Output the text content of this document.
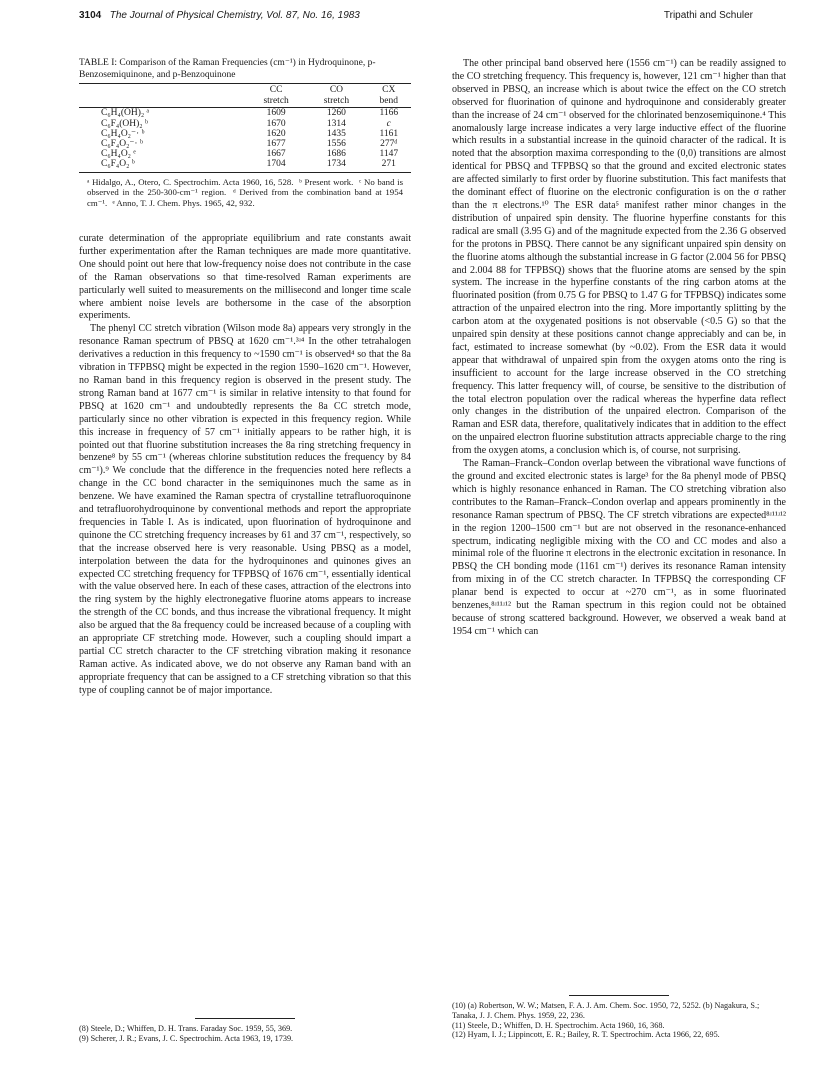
3104 The Journal of Physical Chemistry, Vol. 87, No. 16, 1983	Tripathi and Schuler

TABLE I: Comparison of the Raman Frequencies (cm⁻¹) in Hydroquinone, p-Benzosemiquinone, and p-Benzoquinone

	CC	CO	CX
	stretch	stretch	bend
C₆H₄(OH)₂ ᵃ	1609	1260	1166
C₆F₄(OH)₂ ᵇ	1670	1314	c
C₆H₄O₂⁻· ᵇ	1620	1435	1161
C₆F₄O₂⁻· ᵇ	1677	1556	277ᵈ
C₆H₄O₂ ᵉ	1667	1686	1147
C₆F₄O₂ ᵇ	1704	1734	271

ᵃ Hidalgo, A., Otero, C. Spectrochim. Acta 1960, 16, 528. ᵇ Present work. ᶜ No band is observed in the 250-300-cm⁻¹ region. ᵈ Derived from the combination band at 1954 cm⁻¹. ᵉ Anno, T. J. Chem. Phys. 1965, 42, 932.

curate determination of the appropriate equilibrium and rate constants await further experimentation after the Raman techniques are made more quantitative. One should point out here that low-frequency noise does not contribute in the case of the Raman observations so that time-resolved Raman experiments are particularly well suited to measurements on the millisecond and longer time scale where ambient noise levels are bothersome in the case of the absorption experiments.

The phenyl CC stretch vibration (Wilson mode 8a) appears very strongly in the resonance Raman spectrum of PBSQ at 1620 cm⁻¹.³ʴ⁴ In the other tetrahalogen derivatives a reduction in this frequency to ~1590 cm⁻¹ is observed⁴ so that the 8a vibration in TFPBSQ might be expected in the region 1590–1620 cm⁻¹. However, no Raman band in this frequency region is observed in the present study. The strong Raman band at 1677 cm⁻¹ is similar in relative intensity to that found for PBSQ at 1620 cm⁻¹ and undoubtedly represents the 8a CC stretch mode, particularly since no other vibration is expected in this frequency region. While this increase in frequency of 57 cm⁻¹ initially appears to be rather high, it is pointed out that fluorine substitution increases the 8a ring stretching frequency in benzene⁸ by 55 cm⁻¹ (whereas chlorine substitution reduces the frequency by 84 cm⁻¹).⁹ We conclude that the difference in the frequencies noted here reflects a change in the CC bond character in the semiquinones much the same as in benzene. We have examined the Raman spectra of crystalline tetrafluoroquinone and tetrafluorohydroquinone by conventional methods and report the appropriate frequencies in Table I. As is indicated, upon fluorination of hydroquinone and quinone the CC stretching frequency increases by 61 and 37 cm⁻¹, respectively, so that the increase observed here is very reasonable. Using PBSQ as a model, interpolation between the data for the hydroquinones and quinones gives an expected CC stretching frequency for TFPBSQ of 1676 cm⁻¹, essentially identical with the value observed here. In each of these cases, attraction of the electrons into the ring system by the highly electronegative fluorine atoms appears to increase the strength of the CC bonds, and thus increase the vibrational frequency. It might also be argued that the 8a frequency could be increased because of a coupling with an appropriate CF stretching mode. However, such a coupling should impart a partial CC stretch character to the CF stretching vibration making it resonance Raman active. As indicated above, we do not observe any Raman band with an appropriate frequency that can be assigned to a CF stretching vibration so that this type of coupling cannot be of major importance.

The other principal band observed here (1556 cm⁻¹) can be readily assigned to the CO stretching frequency. This frequency is, however, 121 cm⁻¹ higher than that observed in PBSQ, an increase which is about twice the effect on the CO stretch observed for fluorination of quinone and hydroquinone and considerably greater than the increase of 24 cm⁻¹ observed for the chlorinated benzosemiquinone.⁴ This anomalously large increase indicates a very large inductive effect of the fluorine which results in a substantial increase in the quinoid character of the radical. It is noted that the absorption maxima corresponding to the (0,0) transitions are almost identical for PBSQ and TFPBSQ so that the ground and excited electronic states are affected similarly to first order by fluorine substitution. This fact manifests that the dominant effect of fluorine on the electronic configuration is on the σ rather than the π electrons.¹⁰ The ESR data⁵ manifest rather minor changes in the distribution of unpaired spin density. The fluorine hyperfine constants for this radical are small (3.95 G) and of the magnitude expected from the 2.36 G observed for the protons in PBSQ. There cannot be any significant unpaired spin density on the fluorine atoms although the substantial increase in G factor (2.004 56 for PBSQ and 2.004 88 for TFPBSQ) shows that the fluorine atoms are sensed by the spin system. The increase in the hyperfine constants of the ring carbon atoms at the fluorinated position (from 0.75 G for PBSQ to 1.47 G for TFPBSQ) indicates some attraction of the unpaired electron into the ring. More importantly splitting by the carbon atom at the oxygenated positions is not observable (<0.5 G) so that the unpaired spin density at these positions cannot change appreciably and can be, in fact, estimated to increase somewhat (by ~0.02). From the ESR data it would appear that withdrawal of unpaired spin from the oxygen atoms onto the ring is insufficient to account for the large increase observed in the CO stretching frequency. This latter frequency will, of course, be sensitive to the distribution of the total electron population over the radical whereas the hyperfine data reflect only changes in the distribution of the unpaired electron. Comparison of the Raman and ESR data, therefore, qualitatively indicates that in addition to the effect on the unpaired electron fluorine substitution attracts appreciable charge to the ring from the oxygen atoms, a conclusion which is, of course, not surprising.

The Raman–Franck–Condon overlap between the vibrational wave functions of the ground and excited electronic states is large³ for the 8a phenyl mode of PBSQ which is highly resonance enhanced in Raman. The CO stretching vibration also contributes to the Raman–Franck–Condon overlap and appears prominently in the resonance Raman spectrum of PBSQ. The CF stretch vibrations are expected⁸ʴ¹¹ʴ¹² in the region 1200–1500 cm⁻¹ but are not observed in the resonance-enhanced spectrum, indicating negligible mixing with the CO and CC modes and also a minimal role of the fluorine π electrons in the electronic excitation in resonance. In PBSQ the CH bonding mode (1161 cm⁻¹) derives its resonance Raman intensity from mixing in of the CC stretch character. In TFPBSQ the corresponding CF planar bend is expected to occur at ~270 cm⁻¹, as in some fluorinated benzenes,⁸ʴ¹¹ʴ¹² but the Raman spectrum in this region could not be obtained because of strong scattered background. However, we observed a weak band at 1954 cm⁻¹ which can

(8) Steele, D.; Whiffen, D. H. Trans. Faraday Soc. 1959, 55, 369.

(9) Scherer, J. R.; Evans, J. C. Spectrochim. Acta 1963, 19, 1739.

(10) (a) Robertson, W. W.; Matsen, F. A. J. Am. Chem. Soc. 1950, 72, 5252. (b) Nagakura, S.; Tanaka, J. J. Chem. Phys. 1959, 22, 236.

(11) Steele, D.; Whiffen, D. H. Spectrochim. Acta 1960, 16, 368.

(12) Hyam, I. J.; Lippincott, E. R.; Bailey, R. T. Spectrochim. Acta 1966, 22, 695.
